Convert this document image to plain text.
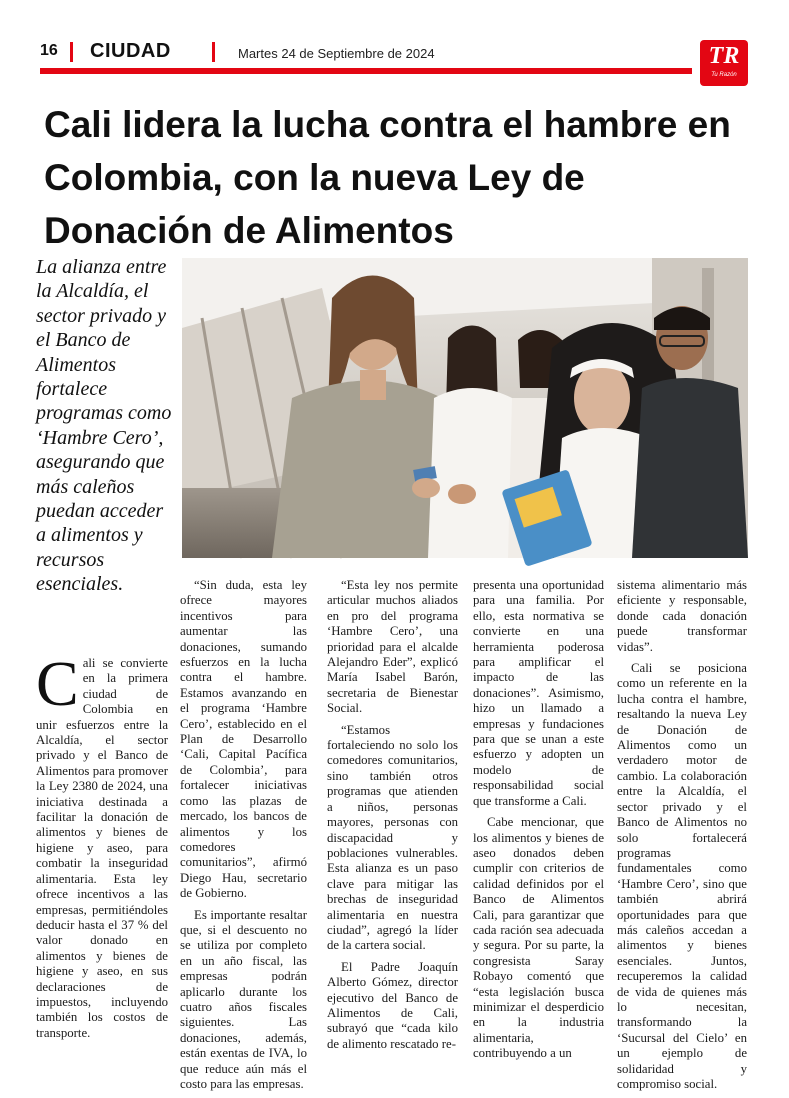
16 CIUDAD	Martes 24 de Septiembre de 2024	TR
Tu Razón
Cali lidera la lucha contra el hambre en Colombia, con la nueva Ley de Donación de Alimentos
La alianza entre la Alcaldía, el sector privado y el Banco de Alimentos fortalece programas como ‘Hambre Cero’, asegurando que más caleños puedan acceder a alimentos y recursos esenciales.

Cali se convierte en la primera ciudad de Colombia en unir esfuerzos entre la Alcaldía, el sector privado y el Banco de Alimentos para promover la Ley 2380 de 2024, una iniciativa destinada a facilitar la donación de alimentos y bienes de higiene y aseo, para combatir la inseguridad alimentaria. Esta ley ofrece incentivos a las empresas, permitiéndoles deducir hasta el 37 % del valor donado en alimentos y bienes de higiene y aseo, en sus declaraciones de impuestos, incluyendo también los costos de transporte.

“Sin duda, esta ley ofrece mayores incentivos para aumentar las donaciones, sumando esfuerzos en la lucha contra el hambre. Estamos avanzando en el programa ‘Hambre Cero’, establecido en el Plan de Desarrollo ‘Cali, Capital Pacífica de Colombia’, para fortalecer iniciativas como las plazas de mercado, los bancos de alimentos y los comedores comunitarios”, afirmó Diego Hau, secretario de Gobierno.

Es importante resaltar que, si el descuento no se utiliza por completo en un año fiscal, las empresas podrán aplicarlo durante los cuatro años fiscales siguientes. Las donaciones, además, están exentas de IVA, lo que reduce aún más el costo para las empresas.

“Esta ley nos permite articular muchos aliados en pro del programa ‘Hambre Cero’, una prioridad para el alcalde Alejandro Eder”, explicó María Isabel Barón, secretaria de Bienestar Social.

“Estamos fortaleciendo no solo los comedores comunitarios, sino también otros programas que atienden a niños, personas mayores, personas con discapacidad y poblaciones vulnerables. Esta alianza es un paso clave para mitigar las brechas de inseguridad alimentaria en nuestra ciudad”, agregó la líder de la cartera social.

El Padre Joaquín Alberto Gómez, director ejecutivo del Banco de Alimentos de Cali, subrayó que “cada kilo de alimento rescatado re-

presenta una oportunidad para una familia. Por ello, esta normativa se convierte en una herramienta poderosa para amplificar el impacto de las donaciones”. Asimismo, hizo un llamado a empresas y fundaciones para que se unan a este esfuerzo y adopten un modelo de responsabilidad social que transforme a Cali.

Cabe mencionar, que los alimentos y bienes de aseo donados deben cumplir con criterios de calidad definidos por el Banco de Alimentos Cali, para garantizar que cada ración sea adecuada y segura. Por su parte, la congresista Saray Robayo comentó que “esta legislación busca minimizar el desperdicio en la industria alimentaria, contribuyendo a un

sistema alimentario más eficiente y responsable, donde cada donación puede transformar vidas”.

Cali se posiciona como un referente en la lucha contra el hambre, resaltando la nueva Ley de Donación de Alimentos como un verdadero motor de cambio. La colaboración entre la Alcaldía, el sector privado y el Banco de Alimentos no solo fortalecerá programas fundamentales como ‘Hambre Cero’, sino que también abrirá oportunidades para que más caleños accedan a alimentos y bienes esenciales. Juntos, recuperemos la calidad de vida de quienes más lo necesitan, transformando la ‘Sucursal del Cielo’ en un ejemplo de solidaridad y compromiso social.
